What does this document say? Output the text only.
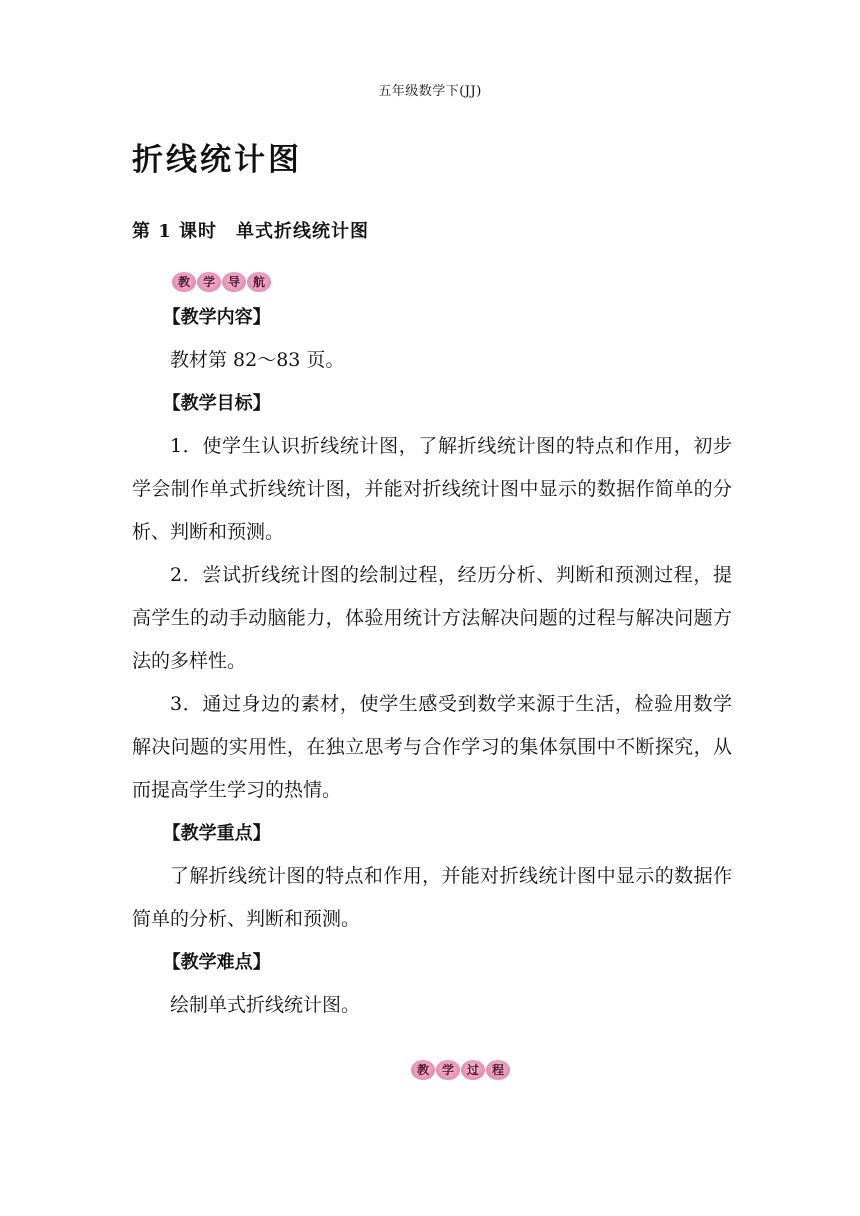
五年级数学下(JJ)
折线统计图
第 1 课时　单式折线统计图
教	学	导	航

【教学内容】

教材第 82～83 页。

【教学目标】

1．使学生认识折线统计图，了解折线统计图的特点和作用，初步学会制作单式折线统计图，并能对折线统计图中显示的数据作简单的分析、判断和预测。

2．尝试折线统计图的绘制过程，经历分析、判断和预测过程，提高学生的动手动脑能力，体验用统计方法解决问题的过程与解决问题方法的多样性。

3．通过身边的素材，使学生感受到数学来源于生活，检验用数学解决问题的实用性，在独立思考与合作学习的集体氛围中不断探究，从而提高学生学习的热情。

【教学重点】

了解折线统计图的特点和作用，并能对折线统计图中显示的数据作简单的分析、判断和预测。

【教学难点】

绘制单式折线统计图。

教	学	过	程
